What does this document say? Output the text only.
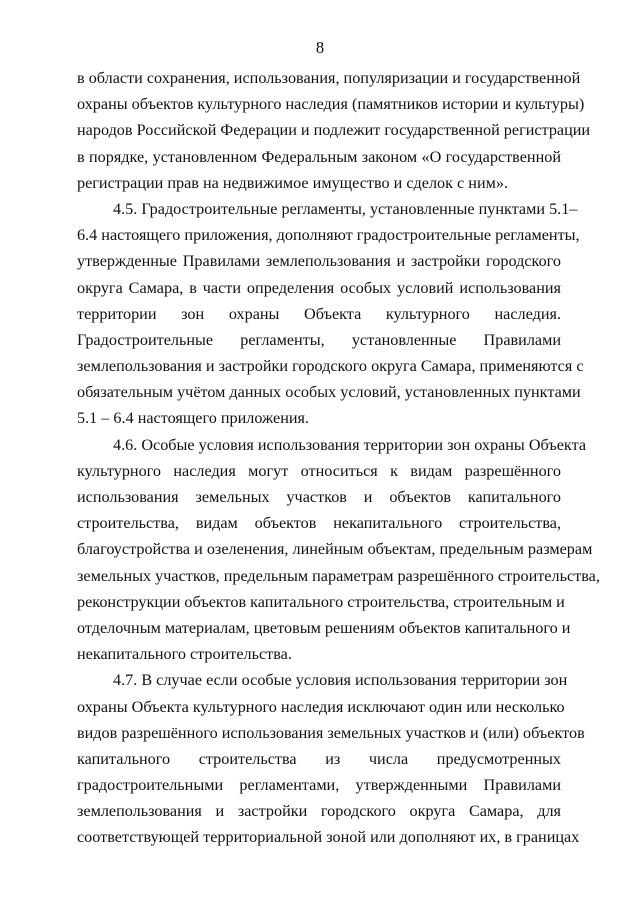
8
в области сохранения, использования, популяризации и государственной
охраны объектов культурного наследия (памятников истории и культуры)
народов Российской Федерации и подлежит государственной регистрации
в порядке, установленном Федеральным законом «О государственной
регистрации прав на недвижимое имущество и сделок с ним».
4.5. Градостроительные регламенты, установленные пунктами 5.1–
6.4 настоящего приложения, дополняют градостроительные регламенты,
утвержденные Правилами землепользования и застройки городского
округа Самара, в части определения особых условий использования
территории зон охраны Объекта культурного наследия.
Градостроительные регламенты, установленные Правилами
землепользования и застройки городского округа Самара, применяются с
обязательным учётом данных особых условий, установленных пунктами
5.1 – 6.4 настоящего приложения.
4.6. Особые условия использования территории зон охраны Объекта
культурного наследия могут относиться к видам разрешённого
использования земельных участков и объектов капитального
строительства, видам объектов некапитального строительства,
благоустройства и озеленения, линейным объектам, предельным размерам
земельных участков, предельным параметрам разрешённого строительства,
реконструкции объектов капитального строительства, строительным и
отделочным материалам, цветовым решениям объектов капитального и
некапитального строительства.
4.7. В случае если особые условия использования территории зон
охраны Объекта культурного наследия исключают один или несколько
видов разрешённого использования земельных участков и (или) объектов
капитального строительства из числа предусмотренных
градостроительными регламентами, утвержденными Правилами
землепользования и застройки городского округа Самара, для
соответствующей территориальной зоной или дополняют их, в границах
